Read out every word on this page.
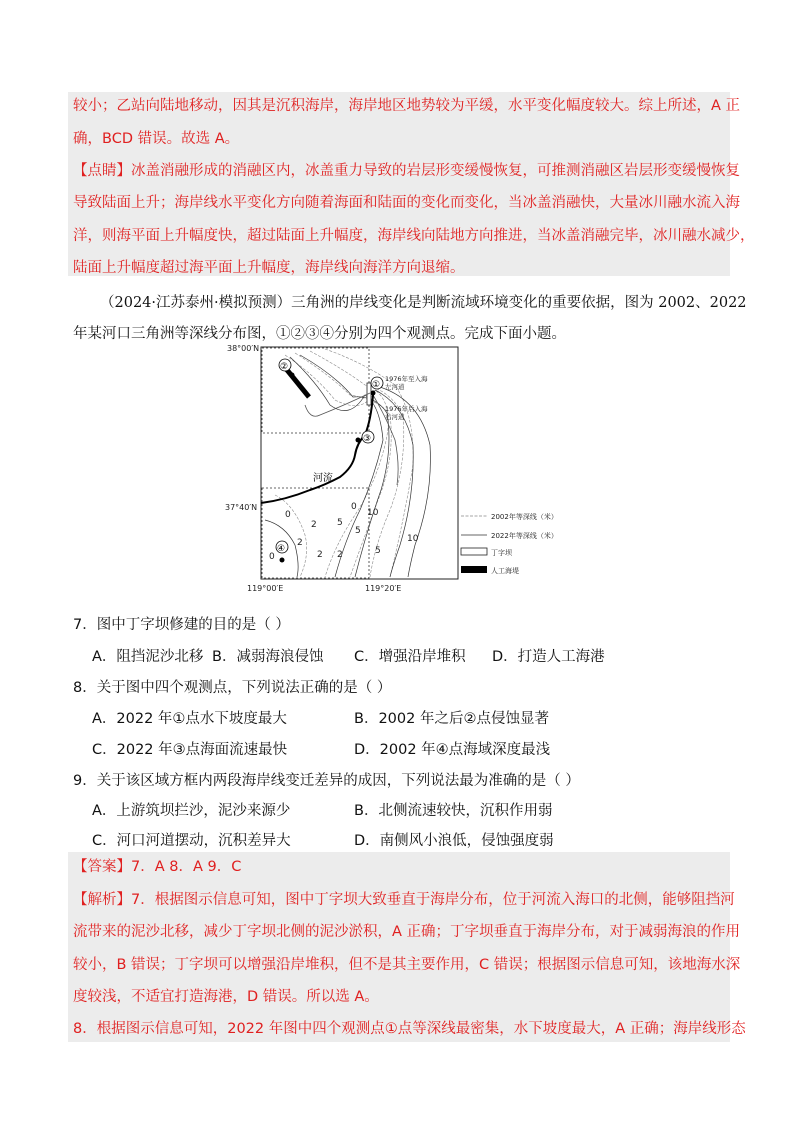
较小；乙站向陆地移动，因其是沉积海岸，海岸地区地势较为平缓，水平变化幅度较大。综上所述，A 正
确，BCD 错误。故选 A。
【点睛】冰盖消融形成的消融区内，冰盖重力导致的岩层形变缓慢恢复，可推测消融区岩层形变缓慢恢复
导致陆面上升；海岸线水平变化方向随着海面和陆面的变化而变化，当冰盖消融快，大量冰川融水流入海
洋，则海平面上升幅度快，超过陆面上升幅度，海岸线向陆地方向推进，当冰盖消融完毕，冰川融水减少，
陆面上升幅度超过海平面上升幅度，海岸线向海洋方向退缩。
（2024·江苏泰州·模拟预测）三角洲的岸线变化是判断流域环境变化的重要依据，图为 2002、2022
年某河口三角洲等深线分布图，①②③④分别为四个观测点。完成下面小题。
38°00′N
37°40′N
119°00′E	119°20′E
①
②
③
④
河流
1976年至入海
左河道
1976年后入海
右河道
0
2 5
0
10
2
5
0	2 2	5
10
2002年等深线（米）
2022年等深线（米）
丁字坝
人工海堤
7．图中丁字坝修建的目的是（ ）
A．阻挡泥沙北移 B．减弱海浪侵蚀 C．增强沿岸堆积 D．打造人工海港
8．关于图中四个观测点，下列说法正确的是（ ）
A．2022 年①点水下坡度最大	B．2002 年之后②点侵蚀显著
C．2022 年③点海面流速最快	D．2002 年④点海域深度最浅
9．关于该区域方框内两段海岸线变迁差异的成因，下列说法最为准确的是（ ）
A．上游筑坝拦沙，泥沙来源少	B．北侧流速较快，沉积作用弱
C．河口河道摆动，沉积差异大	D．南侧风小浪低，侵蚀强度弱
【答案】7．A 8．A 9．C
【解析】7．根据图示信息可知，图中丁字坝大致垂直于海岸分布，位于河流入海口的北侧，能够阻挡河
流带来的泥沙北移，减少丁字坝北侧的泥沙淤积，A 正确；丁字坝垂直于海岸分布，对于减弱海浪的作用
较小，B 错误；丁字坝可以增强沿岸堆积，但不是其主要作用，C 错误；根据图示信息可知，该地海水深
度较浅，不适宜打造海港，D 错误。所以选 A。
8．根据图示信息可知，2022 年图中四个观测点①点等深线最密集，水下坡度最大，A 正确；海岸线形态
